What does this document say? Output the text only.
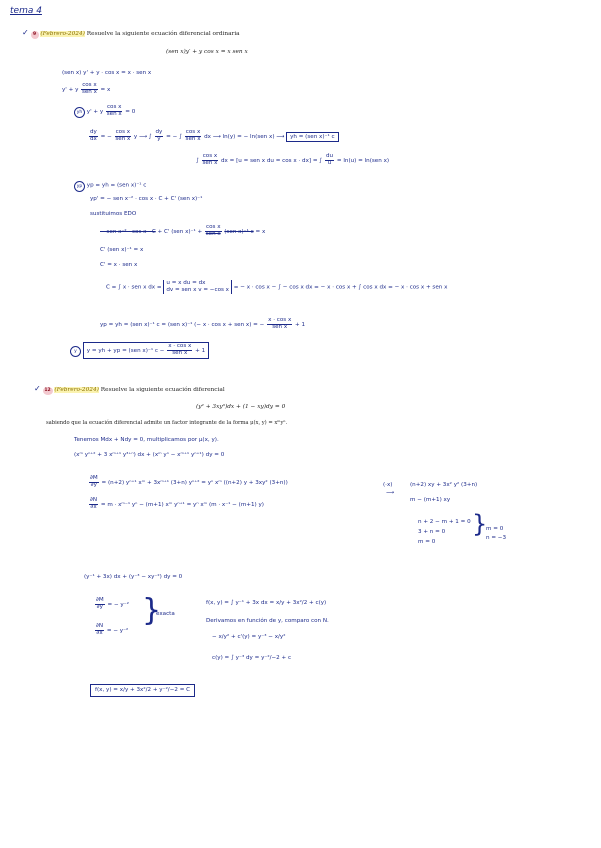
tema 4
✓ 9 (Febrero-2024) Resuelve la siguiente ecuación diferencial ordinaria
(sen x)y′ + y cos x = x sen x
(sen x) y' + y · cos x = x · sen x
y' + y $\frac{\text{cos x}}{\text{sen x}} = x$
yh y' + y $\frac{\text{cos x}}{\text{sen x}} = 0$
$\frac{dy}{dx}$ = − $\frac{\text{cos x}}{\text{sen x}}$ y ⟶ ∫ $\frac{dy}{y}$ = − ∫ $\frac{\text{cos x}}{\text{sen x}}$ dx ⟶ ln(y) = − ln(sen x) ⟶ yh = (sen x)⁻¹ c
∫ $\frac{\text{cos x}}{\text{sen x}}$ dx = [u = sen x du = cos x · dx] = ∫ $\frac{du}{u} = \ln(u) = \ln(sen$ x)
yp yp = yh = (sen x)⁻¹ c
yp' = − sen x⁻² · cos x · C + C' (sen x)⁻¹
sustituimos EDO
− sen x⁻² · cos x · C + C' (sen $x)^{-1} + \frac{\text{cos x}}{\text{sen x}} (sen$ x)⁻¹ c = x
C' (sen x)⁻¹ = x
C' = x · sen x
C = ∫ x · sen x dx =
u = x du = dx
dv = sen x v = −cos x = − x · cos x − ∫ − cos x dx = − x · cos x + ∫ cos x dx = − x · cos x + sen x
yp = yh = (sen x)⁻¹ c = (sen x)⁻¹ (− x · cos x + sen x) = − $\frac{\text{x · cos x}}{\text{sen x}} + 1$
y y = yh + yp = (sen x)⁻¹ $c - \frac{\text{x · cos x}}{\text{sen x}} + 1$
✓ 12 (Febrero-2024) Resuelve la siguiente ecuación diferencial
(y² + 3xy³)dx + (1 − xy)dy = 0
sabiendo que la ecuación diferencial admite un factor integrante de la forma μ(x, y) = xᵐyⁿ.
Tenemos Mdx + Ndy = 0, multiplicamos por μ(x, y).
(xᵐ yⁿ⁺² + 3 xᵐ⁺¹ y³⁺ⁿ) dx + (xᵐ yⁿ − xᵐ⁺¹ yⁿ⁺¹) dy = 0
$\frac{\partial M}{\partial y} = (n+2)$ yⁿ⁺¹ xᵐ + 3xᵐ⁺¹ (3+n) yⁿ⁺² = yⁿ xᵐ ((n+2) y + 3xy² (3+n))	(·x)	(n+2) xy + 3x² y² (3+n)
⟶
$\frac{\partial N}{\partial x} = m$ · xᵐ⁻¹ yⁿ − (m+1) xᵐ yⁿ⁺¹ = yⁿ xᵐ (m · x⁻¹ − (m+1) y)
m − (m+1) xy
n + 2 − m + 1 = 0
3 + n = 0
m = 0
}
m = 0
n = −3
(y⁻¹ + 3x) dx + (y⁻³ − xy⁻²) dy = 0
$\frac{\partial M}{\partial y}$ = − y⁻²
$\frac{\partial N}{\partial x}$ = − y⁻²
}
exacta
f(x, y) = ∫ y⁻¹ + 3x dx = x/y + 3x²/2 + c(y)
Derivamos en función de y, comparo con N.
− x/y² + c'(y) = y⁻³ − x/y²
c(y) = ∫ y⁻³ dy = y⁻²/−2 + c
f(x, y) = x/y + 3x²/2 + y⁻²/−2 = C
